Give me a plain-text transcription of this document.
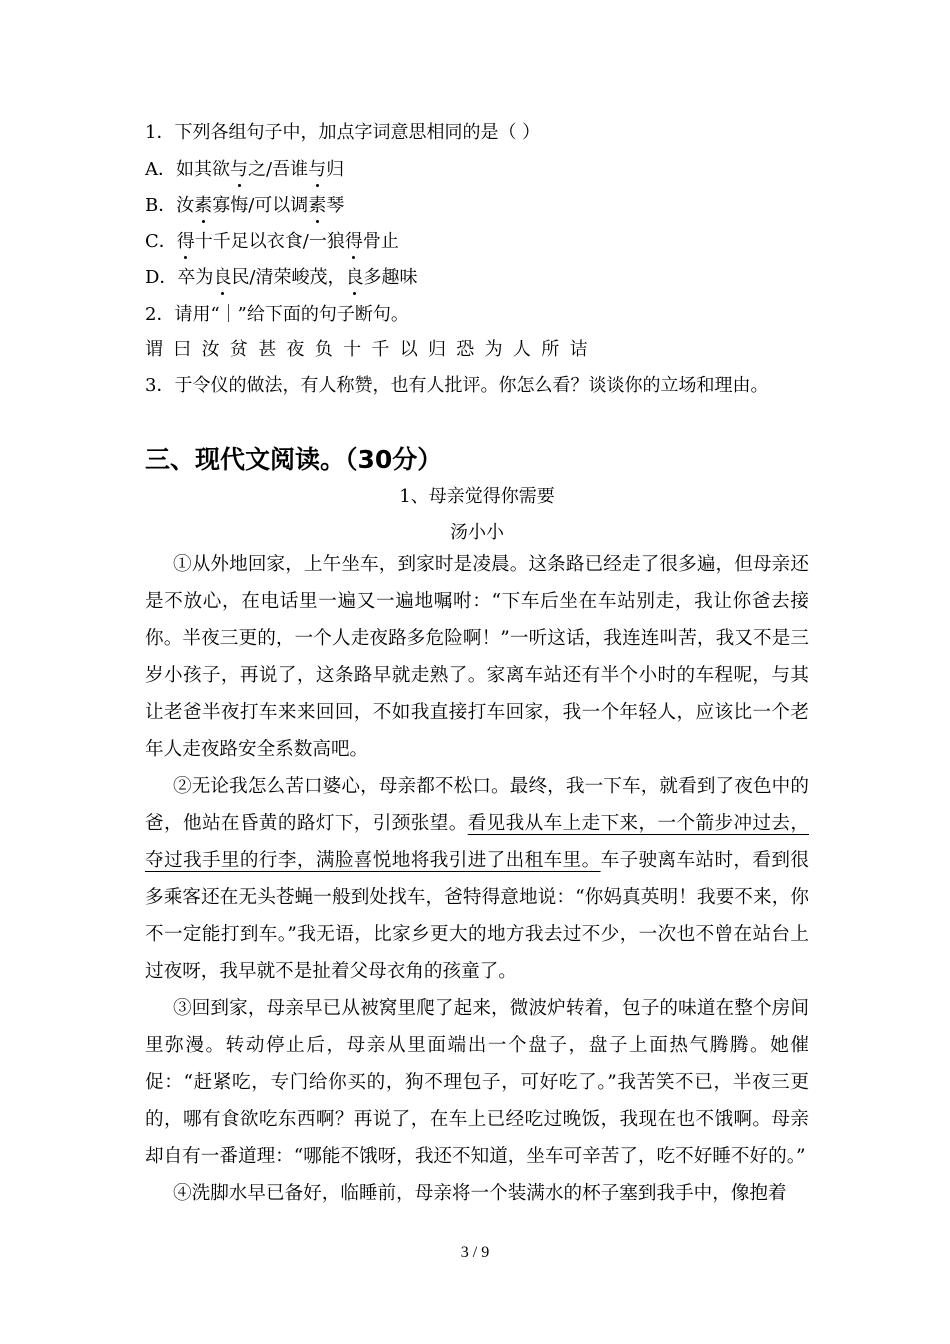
1．下列各组句子中，加点字词意思相同的是（ ）
A．如其欲与之/吾谁与归
B．汝素寡悔/可以调素琴
C．得十千足以衣食/一狼得骨止
D．卒为良民/清荣峻茂，良多趣味
2．请用“｜”给下面的句子断句。
谓曰汝贫甚夜负十千以归恐为人所诘
3．于令仪的做法，有人称赞，也有人批评。你怎么看？谈谈你的立场和理由。
三、现代文阅读。（30分）
1、母亲觉得你需要
汤小小
①从外地回家，上午坐车，到家时是凌晨。这条路已经走了很多遍，但母亲还是不放心，在电话里一遍又一遍地嘱咐：“下车后坐在车站别走，我让你爸去接你。半夜三更的，一个人走夜路多危险啊！”一听这话，我连连叫苦，我又不是三岁小孩子，再说了，这条路早就走熟了。家离车站还有半个小时的车程呢，与其让老爸半夜打车来来回回，不如我直接打车回家，我一个年轻人，应该比一个老年人走夜路安全系数高吧。
②无论我怎么苦口婆心，母亲都不松口。最终，我一下车，就看到了夜色中的爸，他站在昏黄的路灯下，引颈张望。看见我从车上走下来，一个箭步冲过去，夺过我手里的行李，满脸喜悦地将我引进了出租车里。车子驶离车站时，看到很多乘客还在无头苍蝇一般到处找车，爸特得意地说：“你妈真英明！我要不来，你不一定能打到车。”我无语，比家乡更大的地方我去过不少，一次也不曾在站台上过夜呀，我早就不是扯着父母衣角的孩童了。
③回到家，母亲早已从被窝里爬了起来，微波炉转着，包子的味道在整个房间里弥漫。转动停止后，母亲从里面端出一个盘子，盘子上面热气腾腾。她催促：“赶紧吃，专门给你买的，狗不理包子，可好吃了。”我苦笑不已，半夜三更的，哪有食欲吃东西啊？再说了，在车上已经吃过晚饭，我现在也不饿啊。母亲却自有一番道理：“哪能不饿呀，我还不知道，坐车可辛苦了，吃不好睡不好的。”
④洗脚水早已备好，临睡前，母亲将一个装满水的杯子塞到我手中，像抱着
3 / 9
